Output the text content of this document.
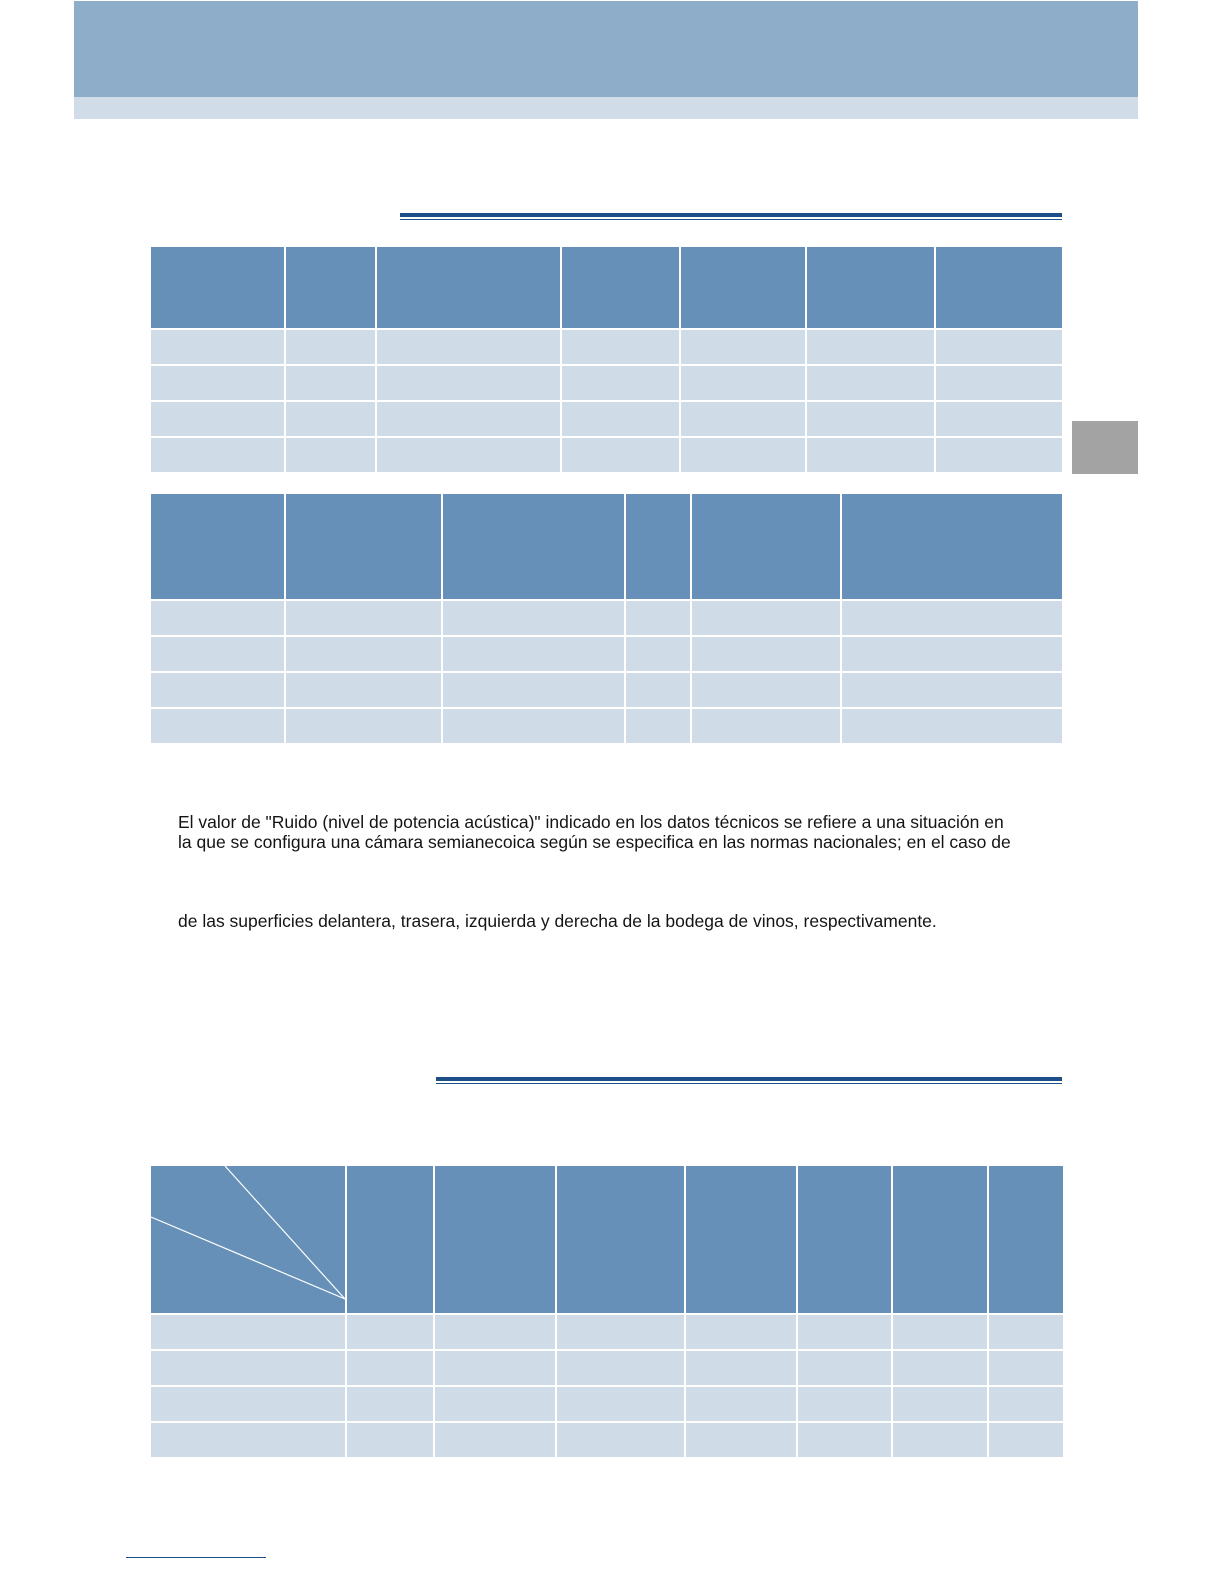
El valor de "Ruido (nivel de potencia acústica)" indicado en los datos técnicos se refiere a una situación en

la que se configura una cámara semianecoica según se especifica en las normas nacionales; en el caso de

de las superficies delantera, trasera, izquierda y derecha de la bodega de vinos, respectivamente.
